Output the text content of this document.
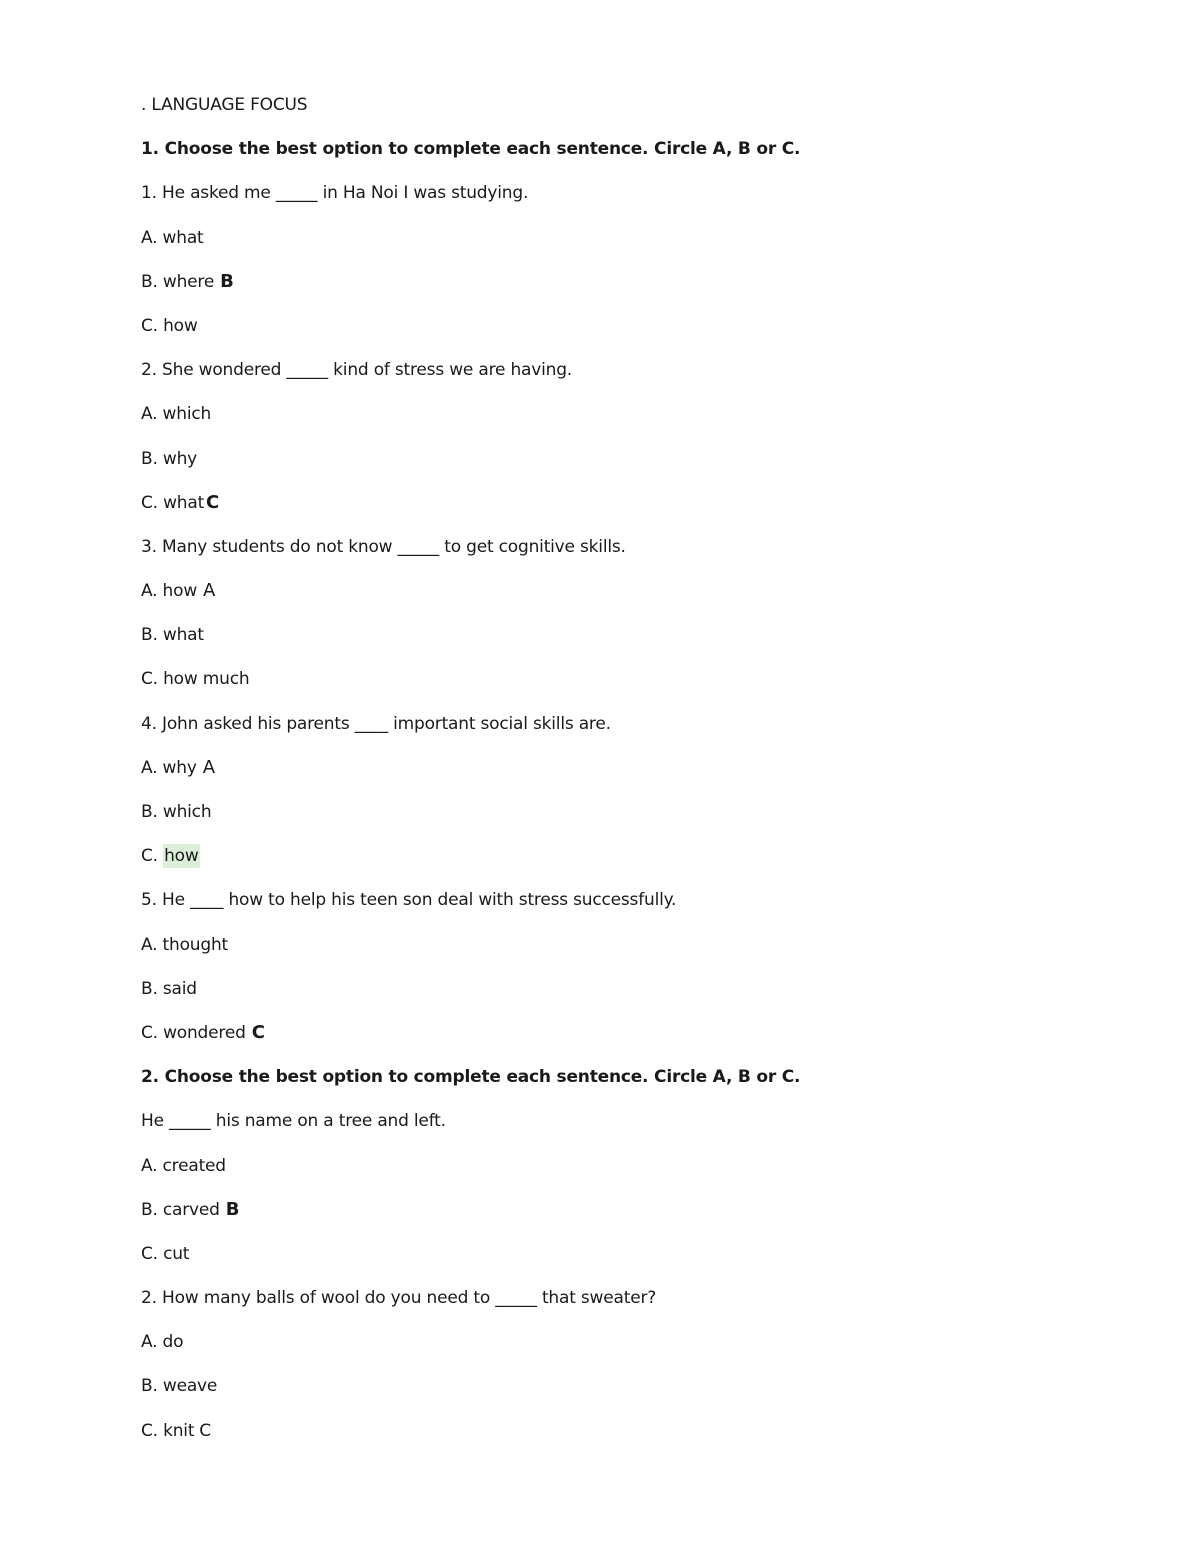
. LANGUAGE FOCUS
1. Choose the best option to complete each sentence. Circle A, B or C.
1. He asked me _____ in Ha Noi I was studying.
A. what
B. where B
C. how
2. She wondered _____ kind of stress we are having.
A. which
B. why
C. what C
3. Many students do not know _____ to get cognitive skills.
A. how A
B. what
C. how much
4. John asked his parents ____ important social skills are.
A. why A
B. which
C. how
5. He ____ how to help his teen son deal with stress successfully.
A. thought
B. said
C. wondered C
2. Choose the best option to complete each sentence. Circle A, B or C.
He _____ his name on a tree and left.
A. created
B. carved B
C. cut
2. How many balls of wool do you need to _____ that sweater?
A. do
B. weave
C. knit C
